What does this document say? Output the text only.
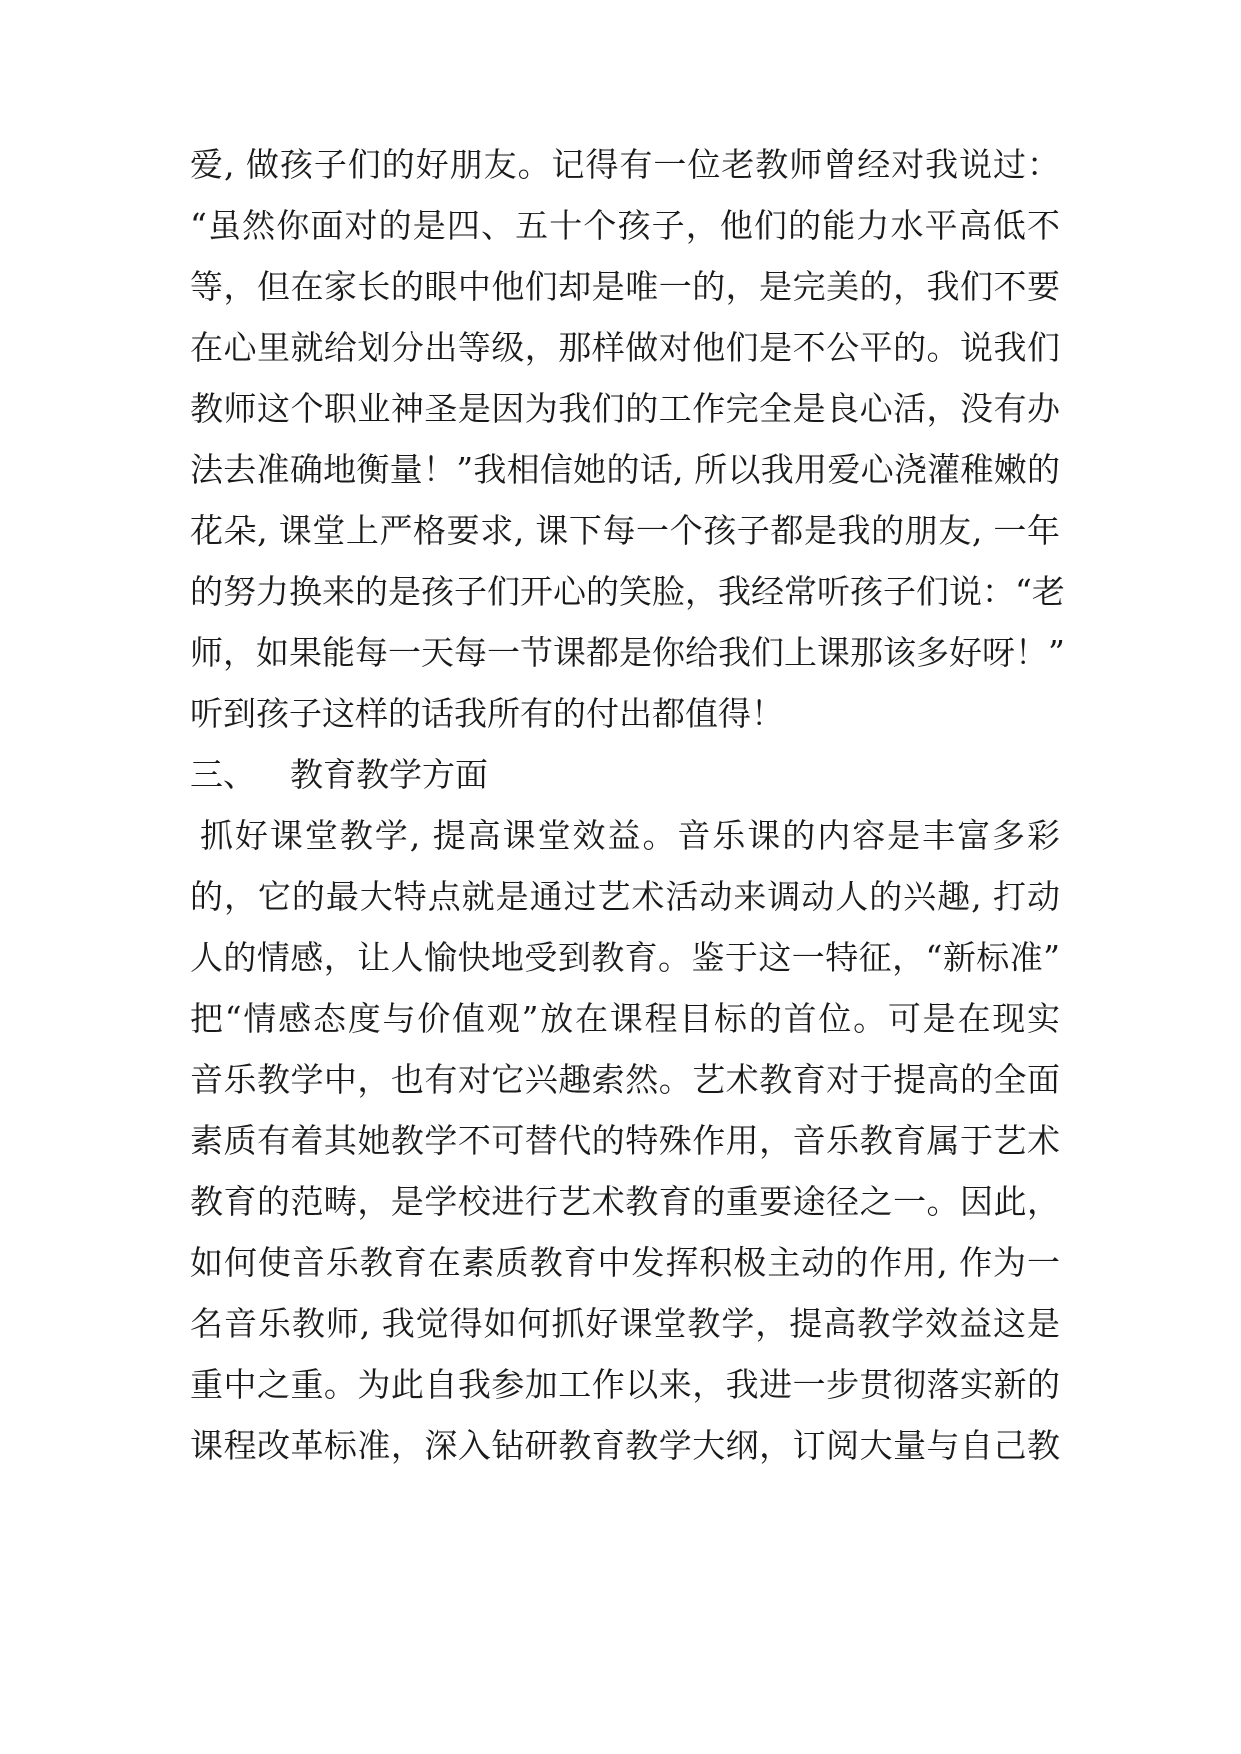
爱, 做孩子们的好朋友。记得有一位老教师曾经对我说过：
“虽然你面对的是四、五十个孩子，他们的能力水平高低不
等，但在家长的眼中他们却是唯一的，是完美的，我们不要
在心里就给划分出等级，那样做对他们是不公平的。说我们
教师这个职业神圣是因为我们的工作完全是良心活，没有办
法去准确地衡量！”我相信她的话, 所以我用爱心浇灌稚嫩的
花朵, 课堂上严格要求, 课下每一个孩子都是我的朋友, 一年
的努力换来的是孩子们开心的笑脸，我经常听孩子们说：“老
师，如果能每一天每一节课都是你给我们上课那该多好呀！”
听到孩子这样的话我所有的付出都值得！
三、 教育教学方面
抓好课堂教学, 提高课堂效益。音乐课的内容是丰富多彩
的，它的最大特点就是通过艺术活动来调动人的兴趣, 打动
人的情感，让人愉快地受到教育。鉴于这一特征，“新标准”
把“情感态度与价值观”放在课程目标的首位。可是在现实
音乐教学中，也有对它兴趣索然。艺术教育对于提高的全面
素质有着其她教学不可替代的特殊作用，音乐教育属于艺术
教育的范畴，是学校进行艺术教育的重要途径之一。因此，
如何使音乐教育在素质教育中发挥积极主动的作用, 作为一
名音乐教师, 我觉得如何抓好课堂教学，提高教学效益这是
重中之重。为此自我参加工作以来，我进一步贯彻落实新的
课程改革标准，深入钻研教育教学大纲，订阅大量与自己教
